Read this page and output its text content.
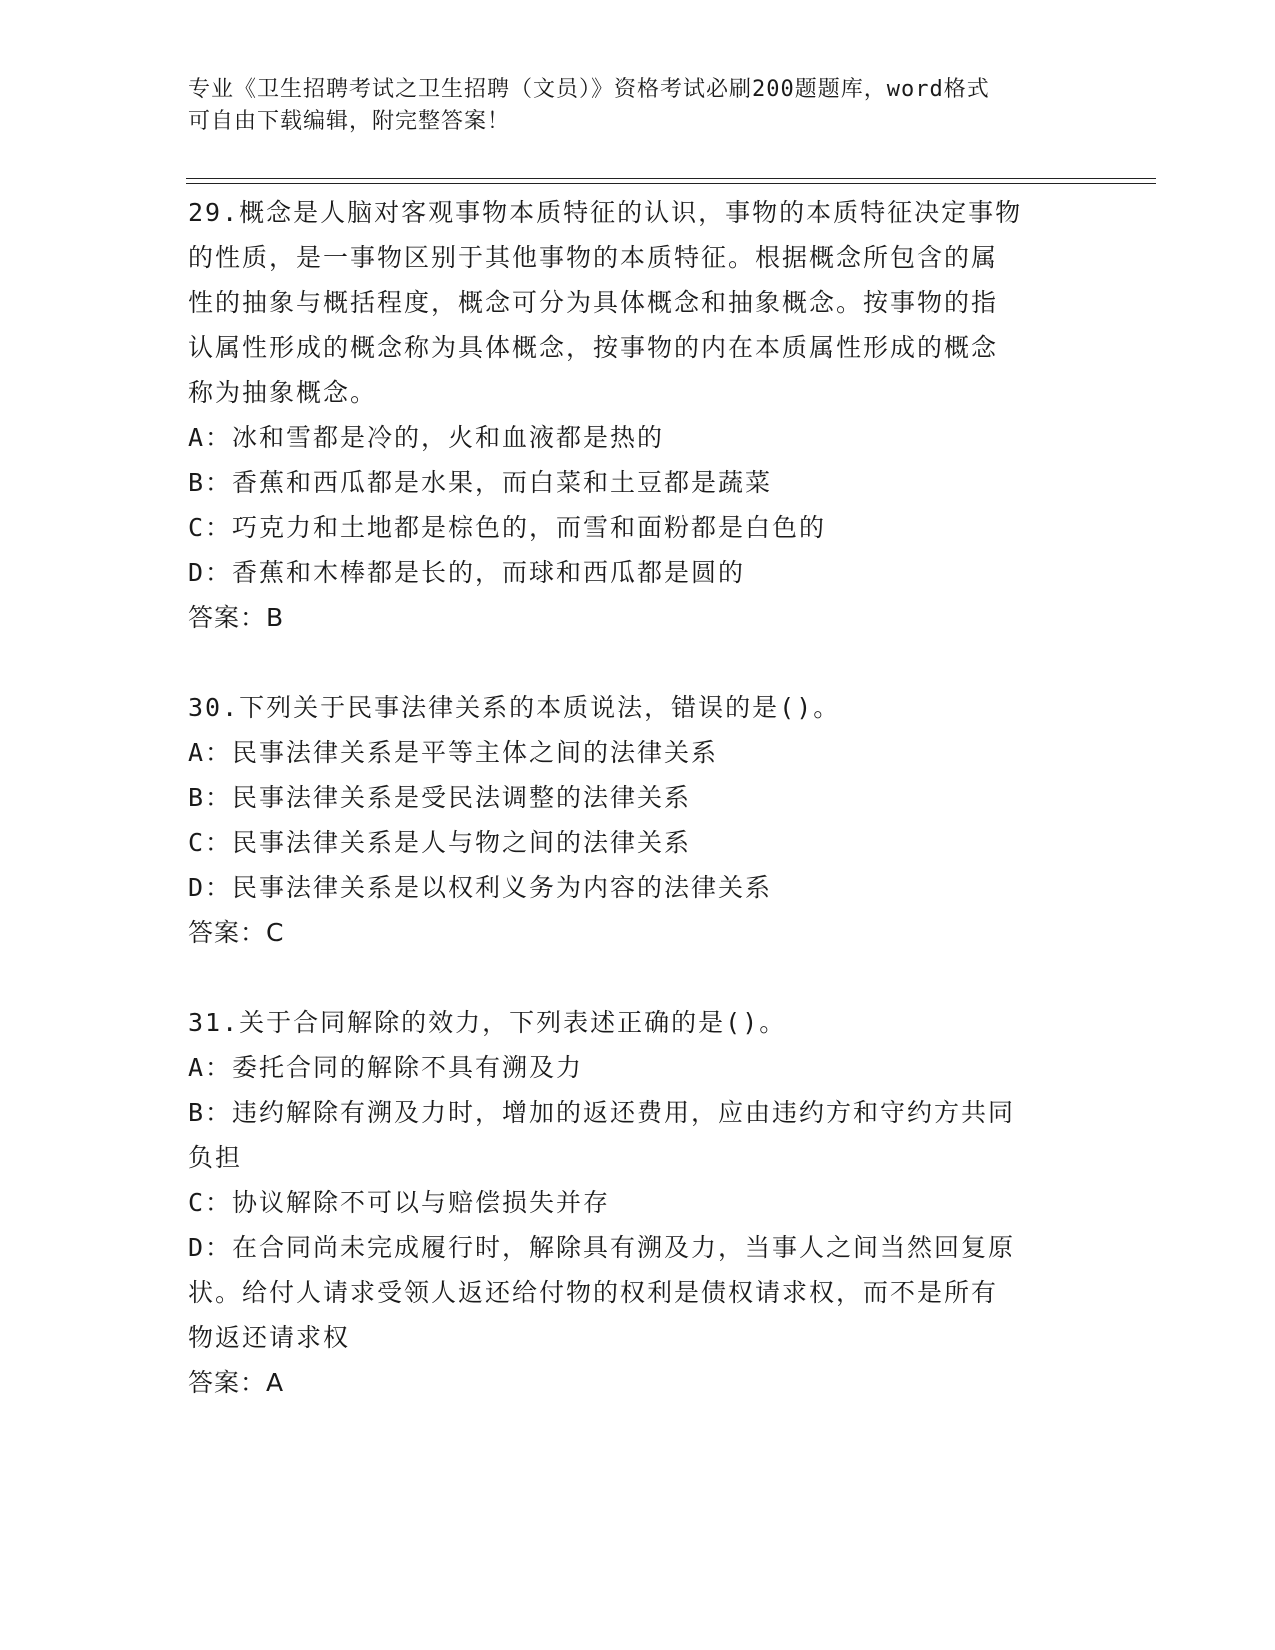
专业《卫生招聘考试之卫生招聘（文员）》资格考试必刷200题题库，word格式
可自由下载编辑，附完整答案！
29.概念是人脑对客观事物本质特征的认识，事物的本质特征决定事物
的性质，是一事物区别于其他事物的本质特征。根据概念所包含的属
性的抽象与概括程度，概念可分为具体概念和抽象概念。按事物的指
认属性形成的概念称为具体概念，按事物的内在本质属性形成的概念
称为抽象概念。
A：冰和雪都是冷的，火和血液都是热的
B：香蕉和西瓜都是水果，而白菜和土豆都是蔬菜
C：巧克力和土地都是棕色的，而雪和面粉都是白色的
D：香蕉和木棒都是长的，而球和西瓜都是圆的
答案：B
30.下列关于民事法律关系的本质说法，错误的是()。
A：民事法律关系是平等主体之间的法律关系
B：民事法律关系是受民法调整的法律关系
C：民事法律关系是人与物之间的法律关系
D：民事法律关系是以权利义务为内容的法律关系
答案：C
31.关于合同解除的效力，下列表述正确的是()。
A：委托合同的解除不具有溯及力
B：违约解除有溯及力时，增加的返还费用，应由违约方和守约方共同
负担
C：协议解除不可以与赔偿损失并存
D：在合同尚未完成履行时，解除具有溯及力，当事人之间当然回复原
状。给付人请求受领人返还给付物的权利是债权请求权，而不是所有
物返还请求权
答案：A
